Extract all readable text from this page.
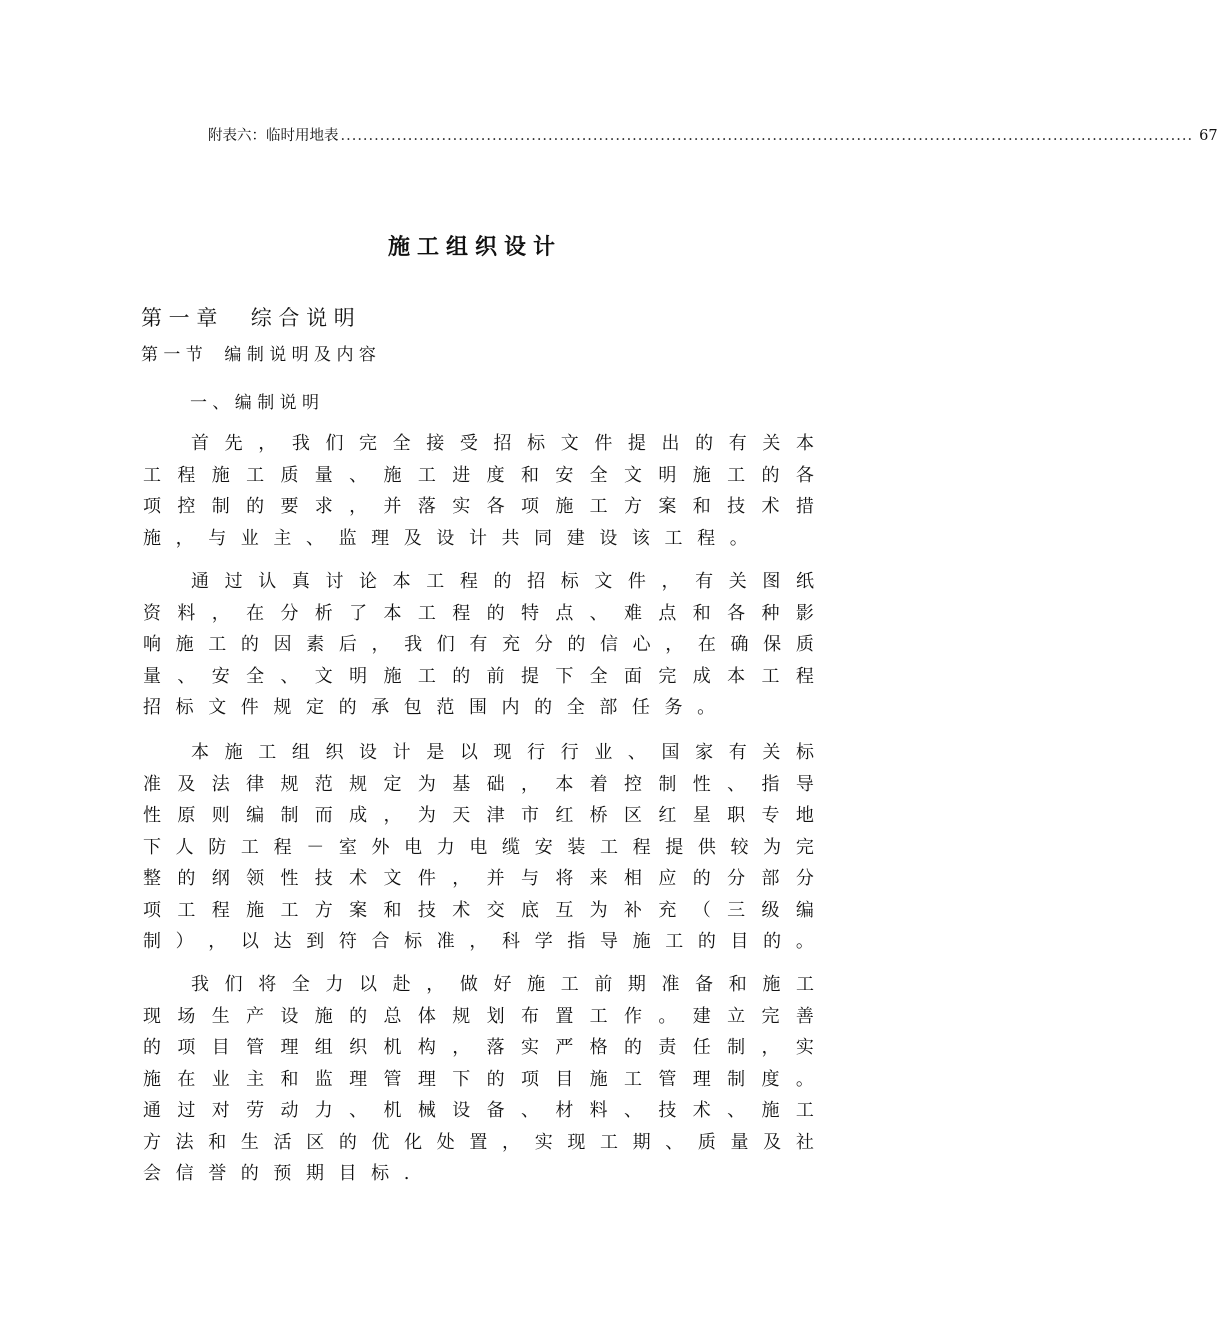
附表六：临时用地表 ........................................................................................................................................................ 67
施工组织设计
第 一 章     综 合 说 明
第 一 节    编 制 说 明 及 内 容
一 、 编 制 说 明
首 先 ， 我 们 完 全 接 受 招 标 文 件 提 出 的 有 关 本
工 程 施 工 质 量 、 施 工 进 度 和 安 全 文 明 施 工 的 各
项 控 制 的 要 求 ， 并 落 实 各 项 施 工 方 案 和 技 术 措
施 ， 与 业 主 、 监 理 及 设 计 共 同 建 设 该 工 程 。
通 过 认 真 讨 论 本 工 程 的 招 标 文 件 ， 有 关 图 纸
资 料 ， 在 分 析 了 本 工 程 的 特 点 、 难 点 和 各 种 影
响 施 工 的 因 素 后 ， 我 们 有 充 分 的 信 心 ， 在 确 保 质
量 、 安 全 、 文 明 施 工 的 前 提 下 全 面 完 成 本 工 程
招 标 文 件 规 定 的 承 包 范 围 内 的 全 部 任 务 。
本 施 工 组 织 设 计 是 以 现 行 行 业 、 国 家 有 关 标
准 及 法 律 规 范 规 定 为 基 础 ， 本 着 控 制 性 、 指 导
性 原 则 编 制 而 成 ， 为 天 津 市 红 桥 区 红 星 职 专 地
下 人 防 工 程 － 室 外 电 力 电 缆 安 装 工 程 提 供 较 为 完
整 的 纲 领 性 技 术 文 件 ， 并 与 将 来 相 应 的 分 部 分
项 工 程 施 工 方 案 和 技 术 交 底 互 为 补 充 （ 三 级 编
制 ） ， 以 达 到 符 合 标 准 ， 科 学 指 导 施 工 的 目 的 。
我 们 将 全 力 以 赴 ， 做 好 施 工 前 期 准 备 和 施 工
现 场 生 产 设 施 的 总 体 规 划 布 置 工 作 。 建 立 完 善
的 项 目 管 理 组 织 机 构 ， 落 实 严 格 的 责 任 制 ， 实
施 在 业 主 和 监 理 管 理 下 的 项 目 施 工 管 理 制 度 。
通 过 对 劳 动 力 、 机 械 设 备 、 材 料 、 技 术 、 施 工
方 法 和 生 活 区 的 优 化 处 置 ， 实 现 工 期 、 质 量 及 社
会 信 誉 的 预 期 目 标 .
